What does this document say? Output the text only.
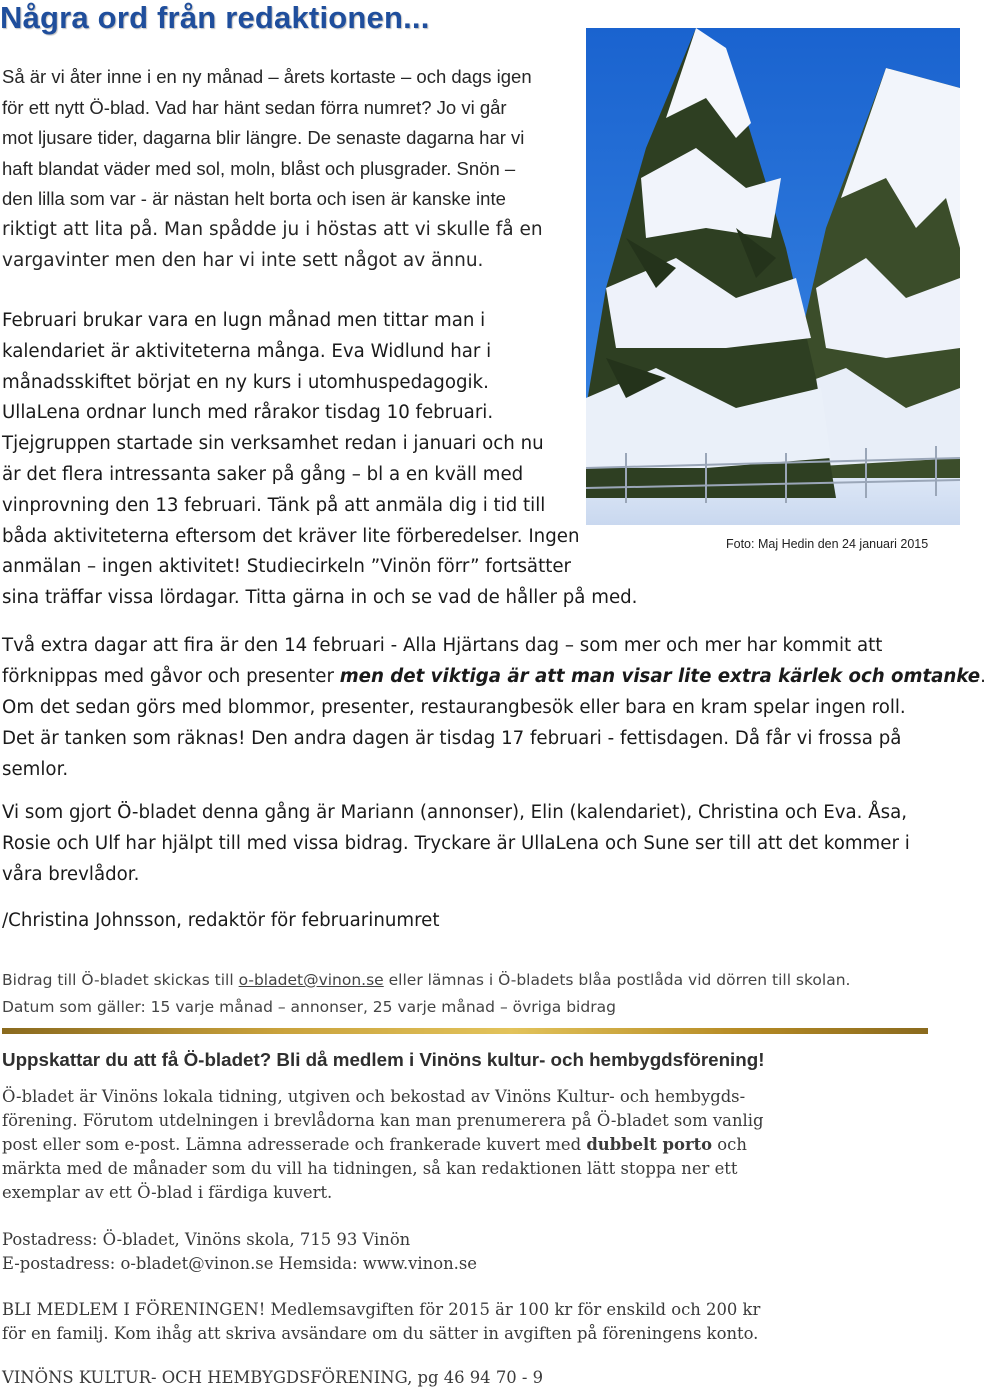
Några ord från redaktionen...
Så är vi åter inne i en ny månad – årets kortaste – och dags igen
för ett nytt Ö-blad. Vad har hänt sedan förra numret? Jo vi går
mot ljusare tider, dagarna blir längre. De senaste dagarna har vi
haft blandat väder med sol, moln, blåst och plusgrader. Snön –
den lilla som var - är nästan helt borta och isen är kanske inte
riktigt att lita på. Man spådde ju i höstas att vi skulle få en
vargavinter men den har vi inte sett något av ännu.
Februari brukar vara en lugn månad men tittar man i
kalendariet är aktiviteterna många. Eva Widlund har i
månadsskiftet börjat en ny kurs i utomhuspedagogik.
UllaLena ordnar lunch med rårakor tisdag 10 februari.
Tjejgruppen startade sin verksamhet redan i januari och nu
är det flera intressanta saker på gång – bl a en kväll med
vinprovning den 13 februari. Tänk på att anmäla dig i tid till
båda aktiviteterna eftersom det kräver lite förberedelser. Ingen
anmälan – ingen aktivitet! Studiecirkeln ”Vinön förr” fortsätter
sina träffar vissa lördagar. Titta gärna in och se vad de håller på med.
Foto: Maj Hedin den 24 januari 2015
Två extra dagar att fira är den 14 februari - Alla Hjärtans dag – som mer och mer har kommit att
förknippas med gåvor och presenter men det viktiga är att man visar lite extra kärlek och omtanke.
Om det sedan görs med blommor, presenter, restaurangbesök eller bara en kram spelar ingen roll.
Det är tanken som räknas! Den andra dagen är tisdag 17 februari - fettisdagen. Då får vi frossa på
semlor.
Vi som gjort Ö-bladet denna gång är Mariann (annonser), Elin (kalendariet), Christina och Eva. Åsa,
Rosie och Ulf har hjälpt till med vissa bidrag. Tryckare är UllaLena och Sune ser till att det kommer i
våra brevlådor.
/Christina Johnsson, redaktör för februarinumret
Bidrag till Ö-bladet skickas till o-bladet@vinon.se eller lämnas i Ö-bladets blåa postlåda vid dörren till skolan.
Datum som gäller: 15 varje månad – annonser, 25 varje månad – övriga bidrag
Uppskattar du att få Ö-bladet? Bli då medlem i Vinöns kultur- och hembygdsförening!
Ö-bladet är Vinöns lokala tidning, utgiven och bekostad av Vinöns Kultur- och hembygds-
förening. Förutom utdelningen i brevlådorna kan man prenumerera på Ö-bladet som vanlig
post eller som e-post. Lämna adresserade och frankerade kuvert med dubbelt porto och
märkta med de månader som du vill ha tidningen, så kan redaktionen lätt stoppa ner ett
exemplar av ett Ö-blad i färdiga kuvert.
Postadress: Ö-bladet, Vinöns skola, 715 93 Vinön
E-postadress: o-bladet@vinon.se Hemsida: www.vinon.se
BLI MEDLEM I FÖRENINGEN! Medlemsavgiften för 2015 är 100 kr för enskild och 200 kr
för en familj. Kom ihåg att skriva avsändare om du sätter in avgiften på föreningens konto.
VINÖNS KULTUR- OCH HEMBYGDSFÖRENING, pg 46 94 70 - 9
